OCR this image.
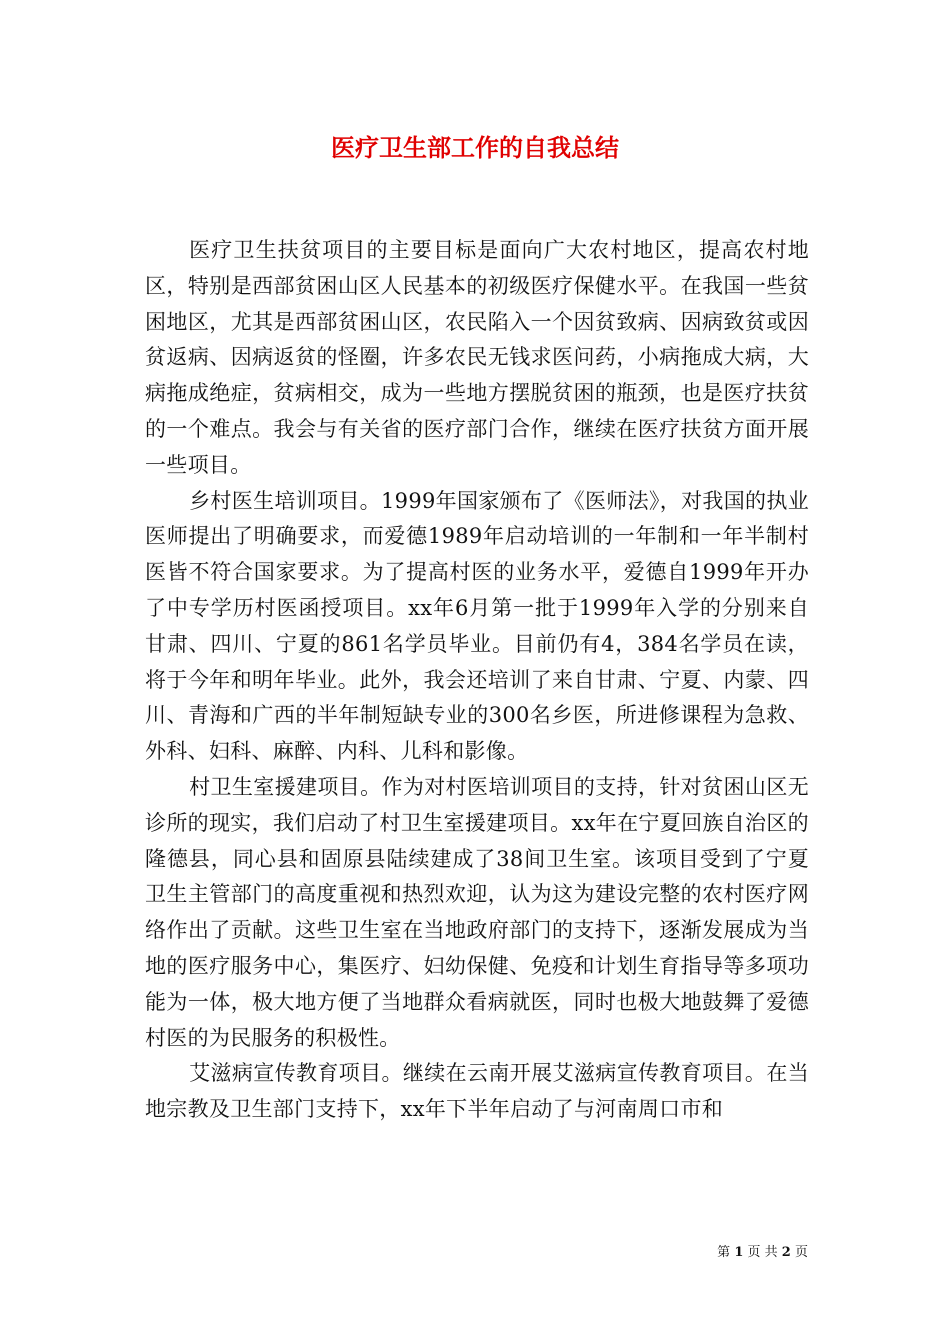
医疗卫生部工作的自我总结

医疗卫生扶贫项目的主要目标是面向广大农村地区，提高农村地区，特别是西部贫困山区人民基本的初级医疗保健水平。在我国一些贫困地区，尤其是西部贫困山区，农民陷入一个因贫致病、因病致贫或因贫返病、因病返贫的怪圈，许多农民无钱求医问药，小病拖成大病，大病拖成绝症，贫病相交，成为一些地方摆脱贫困的瓶颈，也是医疗扶贫的一个难点。我会与有关省的医疗部门合作，继续在医疗扶贫方面开展一些项目。

乡村医生培训项目。1999年国家颁布了《医师法》，对我国的执业医师提出了明确要求，而爱德1989年启动培训的一年制和一年半制村医皆不符合国家要求。为了提高村医的业务水平，爱德自1999年开办了中专学历村医函授项目。xx年6月第一批于1999年入学的分别来自甘肃、四川、宁夏的861名学员毕业。目前仍有4，384名学员在读，将于今年和明年毕业。此外，我会还培训了来自甘肃、宁夏、内蒙、四川、青海和广西的半年制短缺专业的300名乡医，所进修课程为急救、外科、妇科、麻醉、内科、儿科和影像。

村卫生室援建项目。作为对村医培训项目的支持，针对贫困山区无诊所的现实，我们启动了村卫生室援建项目。xx年在宁夏回族自治区的隆德县，同心县和固原县陆续建成了38间卫生室。该项目受到了宁夏卫生主管部门的高度重视和热烈欢迎，认为这为建设完整的农村医疗网络作出了贡献。这些卫生室在当地政府部门的支持下，逐渐发展成为当地的医疗服务中心，集医疗、妇幼保健、免疫和计划生育指导等多项功能为一体，极大地方便了当地群众看病就医，同时也极大地鼓舞了爱德村医的为民服务的积极性。

艾滋病宣传教育项目。继续在云南开展艾滋病宣传教育项目。在当地宗教及卫生部门支持下，xx年下半年启动了与河南周口市和

第 1 页 共 2 页
